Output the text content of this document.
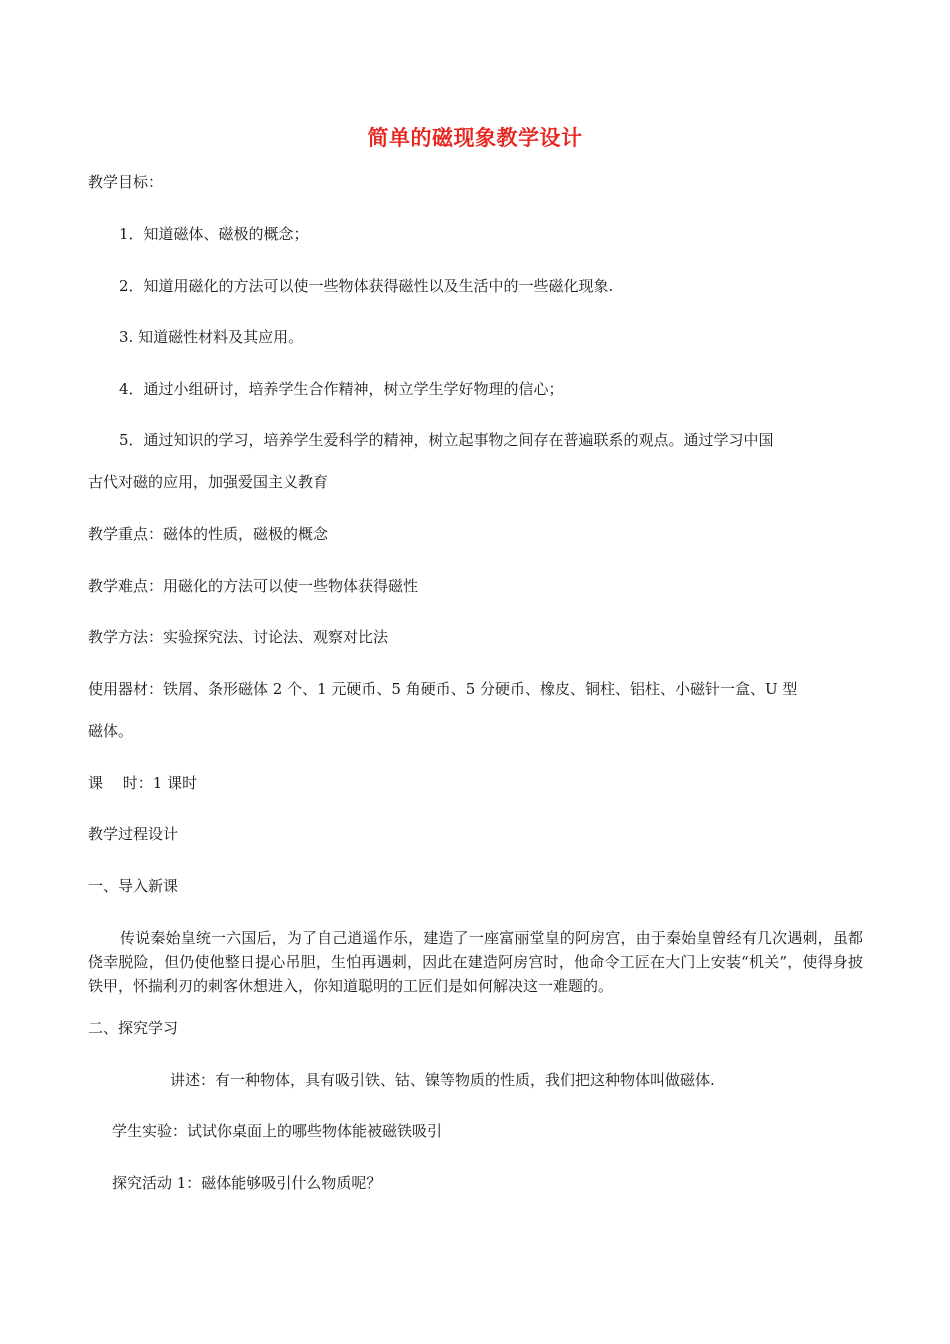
简单的磁现象教学设计
教学目标：
1．知道磁体、磁极的概念；
2．知道用磁化的方法可以使一些物体获得磁性以及生活中的一些磁化现象.
3. 知道磁性材料及其应用。
4．通过小组研讨，培养学生合作精神，树立学生学好物理的信心；
5．通过知识的学习，培养学生爱科学的精神，树立起事物之间存在普遍联系的观点。通过学习中国
古代对磁的应用，加强爱国主义教育
教学重点：磁体的性质，磁极的概念
教学难点：用磁化的方法可以使一些物体获得磁性
教学方法：实验探究法、讨论法、观察对比法
使用器材：铁屑、条形磁体 2 个、1 元硬币、5 角硬币、5 分硬币、橡皮、铜柱、铝柱、小磁针一盒、U 型
磁体。
课　 时：1 课时
教学过程设计
一、导入新课
传说秦始皇统一六国后，为了自己逍遥作乐，建造了一座富丽堂皇的阿房宫，由于秦始皇曾经有几次遇刺，虽都侥幸脱险，但仍使他整日提心吊胆，生怕再遇刺，因此在建造阿房宫时，他命令工匠在大门上安装“机关”，使得身披铁甲，怀揣利刃的刺客休想进入，你知道聪明的工匠们是如何解决这一难题的。
二、探究学习
讲述：有一种物体，具有吸引铁、钴、镍等物质的性质，我们把这种物体叫做磁体.
学生实验：试试你桌面上的哪些物体能被磁铁吸引
探究活动 1：磁体能够吸引什么物质呢？
